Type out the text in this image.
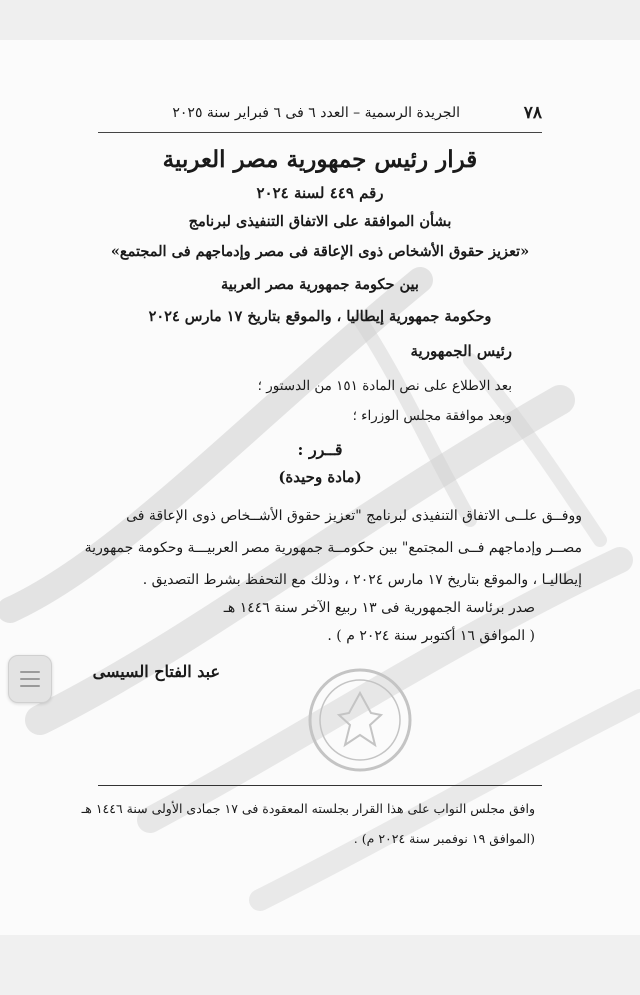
٧٨
الجريدة الرسمية – العدد ٦ فى ٦ فبراير سنة ٢٠٢٥
قرار رئيس جمهورية مصر العربية
رقم ٤٤٩ لسنة ٢٠٢٤
بشأن الموافقة على الاتفاق التنفيذى لبرنامج
«تعزيز حقوق الأشخاص ذوى الإعاقة فى مصر وإدماجهم فى المجتمع»
بين حكومة جمهورية مصر العربية
وحكومة جمهورية إيطاليا ، والموقع بتاريخ ١٧ مارس ٢٠٢٤
رئيس الجمهورية
بعد الاطلاع على نص المادة ١٥١ من الدستور ؛
وبعد موافقة مجلس الوزراء ؛
قــرر :
(مادة وحيدة)
ووفــق علــى الاتفاق التنفيذى لبرنامج "تعزيز حقوق الأشــخاص ذوى الإعاقة فى
مصــر وإدماجهم فــى المجتمع" بين حكومــة جمهورية مصر العربيـــة وحكومة جمهورية
إيطاليـا ، والموقع بتاريخ ١٧ مارس ٢٠٢٤ ، وذلك مع التحفظ بشرط التصديق .
صدر برئاسة الجمهورية فى ١٣ ربيع الآخر سنة ١٤٤٦ هـ
( الموافق ١٦ أكتوبر سنة ٢٠٢٤ م ) .
عبد الفتاح السيسى
وافق مجلس النواب على هذا القرار بجلسته المعقودة فى ١٧ جمادى الأولى سنة ١٤٤٦ هـ
(الموافق ١٩ نوفمبر سنة ٢٠٢٤ م) .
